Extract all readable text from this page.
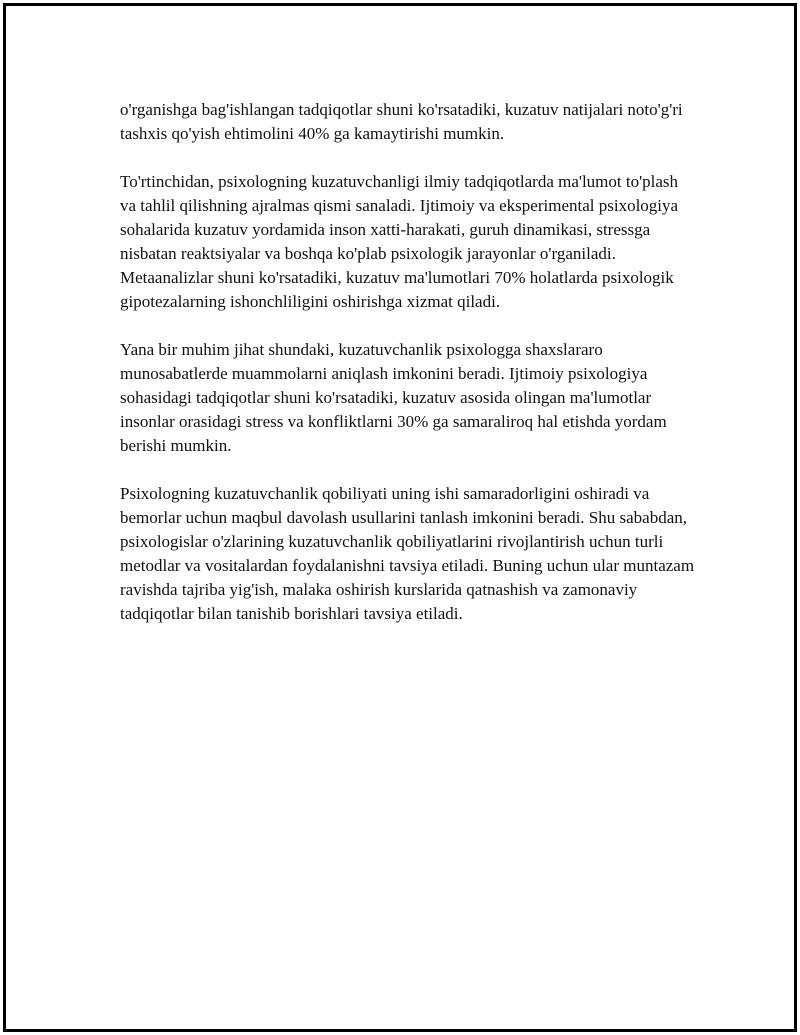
o'rganishga bag'ishlangan tadqiqotlar shuni ko'rsatadiki, kuzatuv natijalari noto'g'ri tashxis qo'yish ehtimolini 40% ga kamaytirishi mumkin.

To'rtinchidan, psixologning kuzatuvchanligi ilmiy tadqiqotlarda ma'lumot to'plash va tahlil qilishning ajralmas qismi sanaladi. Ijtimoiy va eksperimental psixologiya sohalarida kuzatuv yordamida inson xatti-harakati, guruh dinamikasi, stressga nisbatan reaktsiyalar va boshqa ko'plab psixologik jarayonlar o'rganiladi. Metaanalizlar shuni ko'rsatadiki, kuzatuv ma'lumotlari 70% holatlarda psixologik gipotezalarning ishonchliligini oshirishga xizmat qiladi.

Yana bir muhim jihat shundaki, kuzatuvchanlik psixologga shaxslararo munosabatlerde muammolarni aniqlash imkonini beradi. Ijtimoiy psixologiya sohasidagi tadqiqotlar shuni ko'rsatadiki, kuzatuv asosida olingan ma'lumotlar insonlar orasidagi stress va konfliktlarni 30% ga samaraliroq hal etishda yordam berishi mumkin.

Psixologning kuzatuvchanlik qobiliyati uning ishi samaradorligini oshiradi va bemorlar uchun maqbul davolash usullarini tanlash imkonini beradi. Shu sababdan, psixologislar o'zlarining kuzatuvchanlik qobiliyatlarini rivojlantirish uchun turli metodlar va vositalardan foydalanishni tavsiya etiladi. Buning uchun ular muntazam ravishda tajriba yig'ish, malaka oshirish kurslarida qatnashish va zamonaviy tadqiqotlar bilan tanishib borishlari tavsiya etiladi.
